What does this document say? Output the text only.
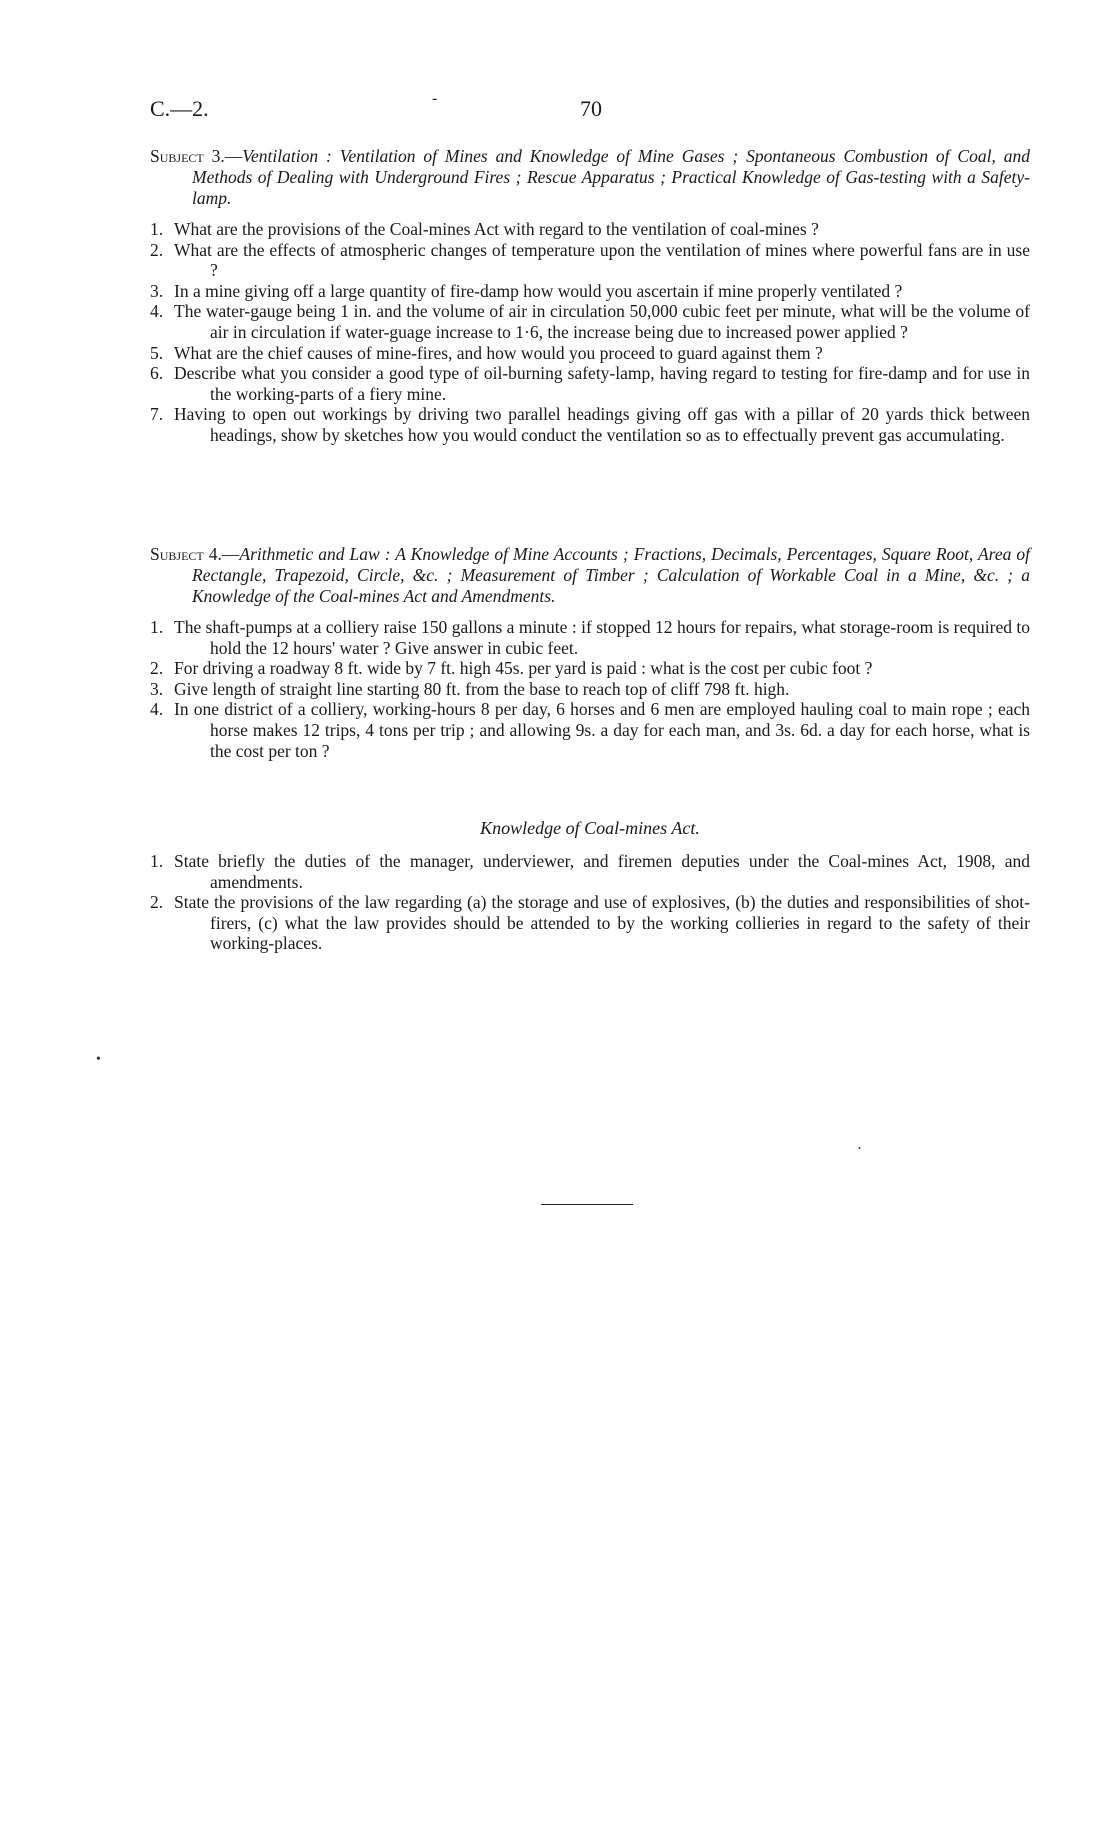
C.—2.	-	70

Subject 3.—Ventilation : Ventilation of Mines and Knowledge of Mine Gases ; Spontaneous Combustion of Coal, and Methods of Dealing with Underground Fires ; Rescue Apparatus ; Practical Knowledge of Gas-testing with a Safety-lamp.

1. What are the provisions of the Coal-mines Act with regard to the ventilation of coal-mines ?
2. What are the effects of atmospheric changes of temperature upon the ventilation of mines where powerful fans are in use ?
3. In a mine giving off a large quantity of fire-damp how would you ascertain if mine properly ventilated ?
4. The water-gauge being 1 in. and the volume of air in circulation 50,000 cubic feet per minute, what will be the volume of air in circulation if water-guage increase to 1·6, the increase being due to increased power applied ?
5. What are the chief causes of mine-fires, and how would you proceed to guard against them ?
6. Describe what you consider a good type of oil-burning safety-lamp, having regard to testing for fire-damp and for use in the working-parts of a fiery mine.
7. Having to open out workings by driving two parallel headings giving off gas with a pillar of 20 yards thick between headings, show by sketches how you would conduct the ventilation so as to effectually prevent gas accumulating.

Subject 4.—Arithmetic and Law : A Knowledge of Mine Accounts ; Fractions, Decimals, Percentages, Square Root, Area of Rectangle, Trapezoid, Circle, &c. ; Measurement of Timber ; Calculation of Workable Coal in a Mine, &c. ; a Knowledge of the Coal-mines Act and Amendments.

1. The shaft-pumps at a colliery raise 150 gallons a minute : if stopped 12 hours for repairs, what storage-room is required to hold the 12 hours' water ? Give answer in cubic feet.
2. For driving a roadway 8 ft. wide by 7 ft. high 45s. per yard is paid : what is the cost per cubic foot ?
3. Give length of straight line starting 80 ft. from the base to reach top of cliff 798 ft. high.
4. In one district of a colliery, working-hours 8 per day, 6 horses and 6 men are employed hauling coal to main rope ; each horse makes 12 trips, 4 tons per trip ; and allowing 9s. a day for each man, and 3s. 6d. a day for each horse, what is the cost per ton ?

Knowledge of Coal-mines Act.

1. State briefly the duties of the manager, underviewer, and firemen deputies under the Coal-mines Act, 1908, and amendments.
2. State the provisions of the law regarding (a) the storage and use of explosives, (b) the duties and responsibilities of shot-firers, (c) what the law provides should be attended to by the working collieries in regard to the safety of their working-places.
•
•
